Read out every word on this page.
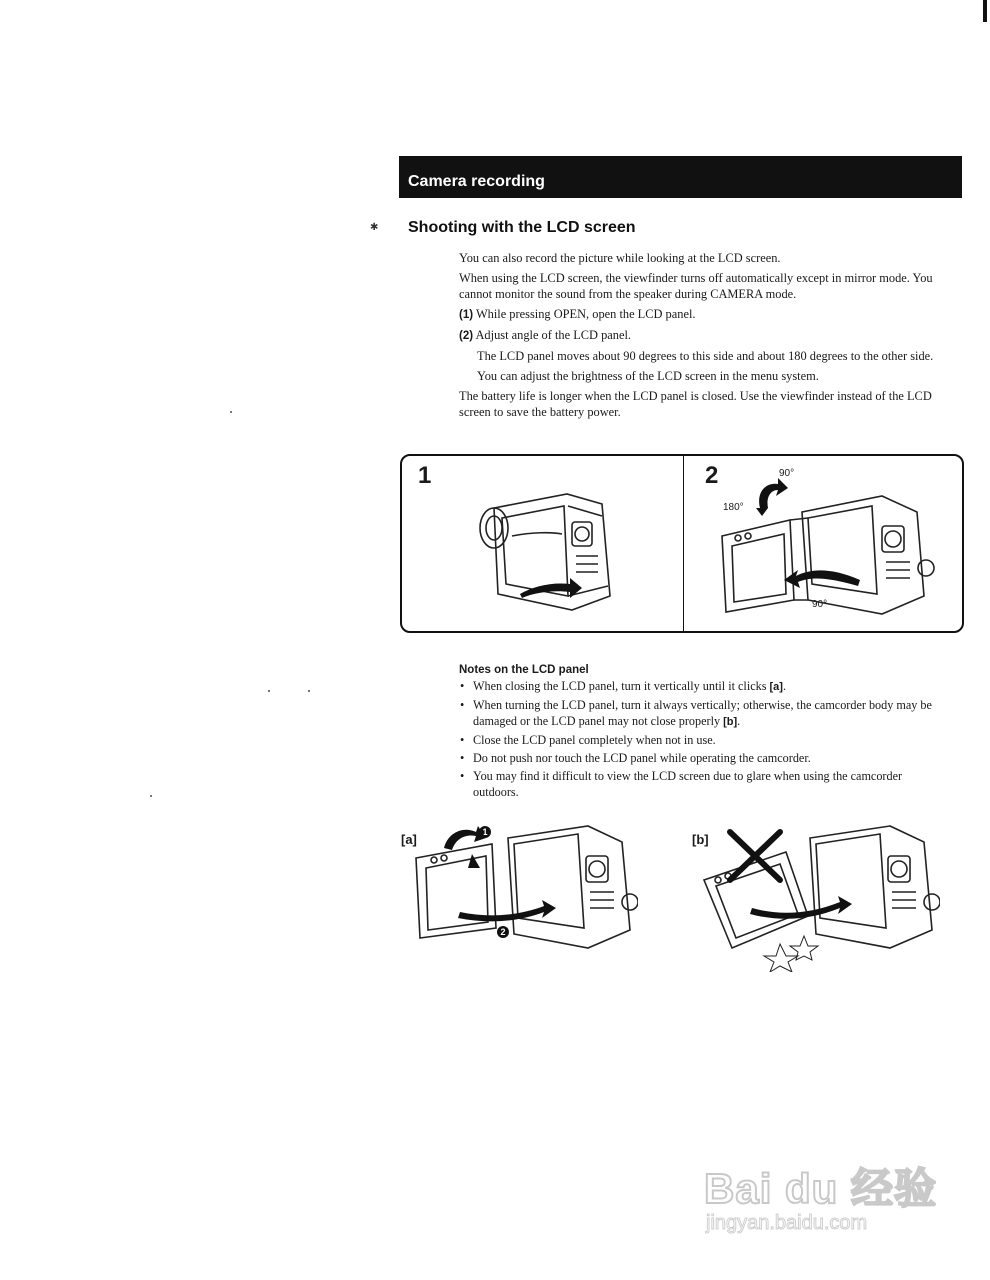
Camera recording
✱ Shooting with the LCD screen

You can also record the picture while looking at the LCD screen.

When using the LCD screen, the viewfinder turns off automatically except in mirror mode. You cannot monitor the sound from the speaker during CAMERA mode.

(1) While pressing OPEN, open the LCD panel.

(2) Adjust angle of the LCD panel.

The LCD panel moves about 90 degrees to this side and about 180 degrees to the other side.

You can adjust the brightness of the LCD screen in the menu system.

The battery life is longer when the LCD panel is closed. Use the viewfinder instead of the LCD screen to save the battery power.

1	2	90°
180°
90°
Notes on the LCD panel
• When closing the LCD panel, turn it vertically until it clicks [a].
• When turning the LCD panel, turn it always vertically; otherwise, the camcorder body may be damaged or the LCD panel may not close properly [b].
• Close the LCD panel completely when not in use.
• Do not push nor touch the LCD panel while operating the camcorder.
• You may find it difficult to view the LCD screen due to glare when using the camcorder outdoors.
[a]	1
2
[b]
Bai du 经验
jingyan.baidu.com
